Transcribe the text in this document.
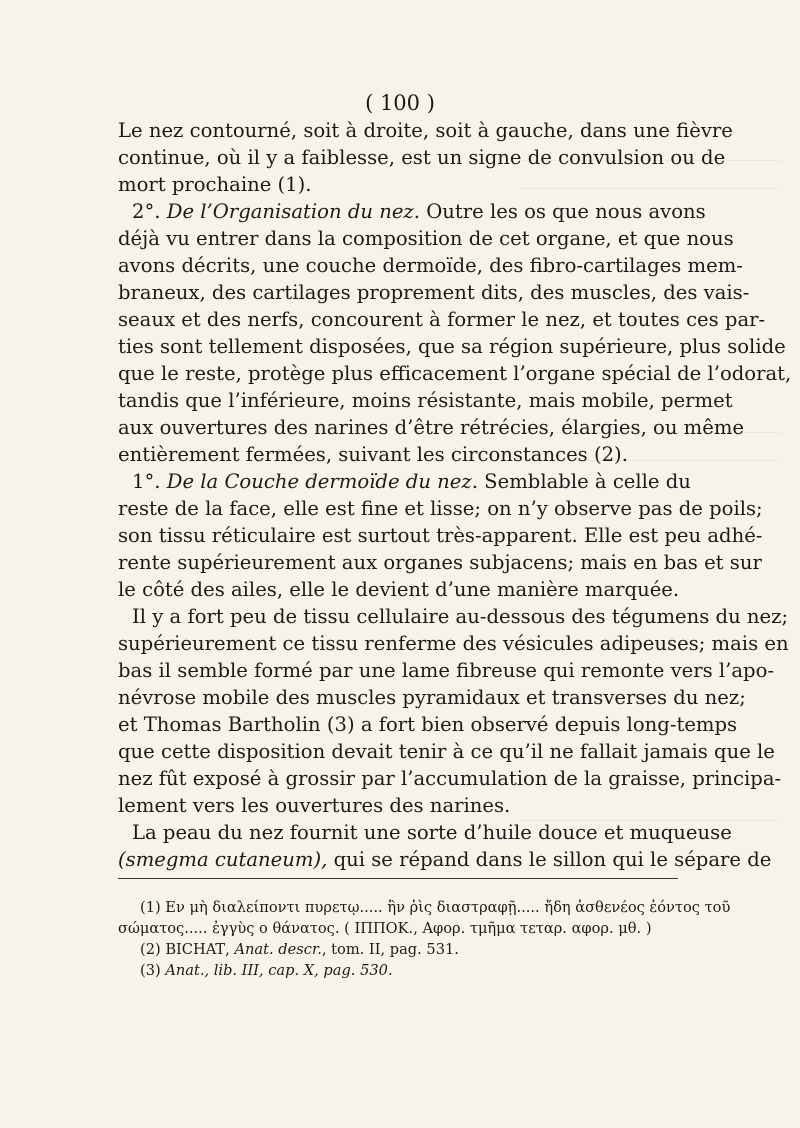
( 100 )
Le nez contourné, soit à droite, soit à gauche, dans une fièvre
continue, où il y a faiblesse, est un signe de convulsion ou de
mort prochaine (1).
2°. De l’Organisation du nez. Outre les os que nous avons
déjà vu entrer dans la composition de cet organe, et que nous
avons décrits, une couche dermoïde, des fibro-cartilages mem-
braneux, des cartilages proprement dits, des muscles, des vais-
seaux et des nerfs, concourent à former le nez, et toutes ces par-
ties sont tellement disposées, que sa région supérieure, plus solide
que le reste, protège plus efficacement l’organe spécial de l’odorat,
tandis que l’inférieure, moins résistante, mais mobile, permet
aux ouvertures des narines d’être rétrécies, élargies, ou même
entièrement fermées, suivant les circonstances (2).
1°. De la Couche dermoïde du nez. Semblable à celle du
reste de la face, elle est fine et lisse; on n’y observe pas de poils;
son tissu réticulaire est surtout très-apparent. Elle est peu adhé-
rente supérieurement aux organes subjacens; mais en bas et sur
le côté des ailes, elle le devient d’une manière marquée.
Il y a fort peu de tissu cellulaire au-dessous des tégumens du nez;
supérieurement ce tissu renferme des vésicules adipeuses; mais en
bas il semble formé par une lame fibreuse qui remonte vers l’apo-
névrose mobile des muscles pyramidaux et transverses du nez;
et Thomas Bartholin (3) a fort bien observé depuis long-temps
que cette disposition devait tenir à ce qu’il ne fallait jamais que le
nez fût exposé à grossir par l’accumulation de la graisse, principa-
lement vers les ouvertures des narines.
La peau du nez fournit une sorte d’huile douce et muqueuse
(smegma cutaneum), qui se répand dans le sillon qui le sépare de
(1) Εν μὴ διαλείποντι πυρετῳ..... ἢν ῥὶς διαστραφῇ..... ἤδη ἀσθενέος ἐόντος τοῦ
σώματος..... ἐγγὺς ο θάνατος. ( ΙΠΠΟΚ., Αφορ. τμῆμα τεταρ. αφορ. μθ. )
(2) BICHAT, Anat. descr., tom. II, pag. 531.
(3) Anat., lib. III, cap. X, pag. 530.
